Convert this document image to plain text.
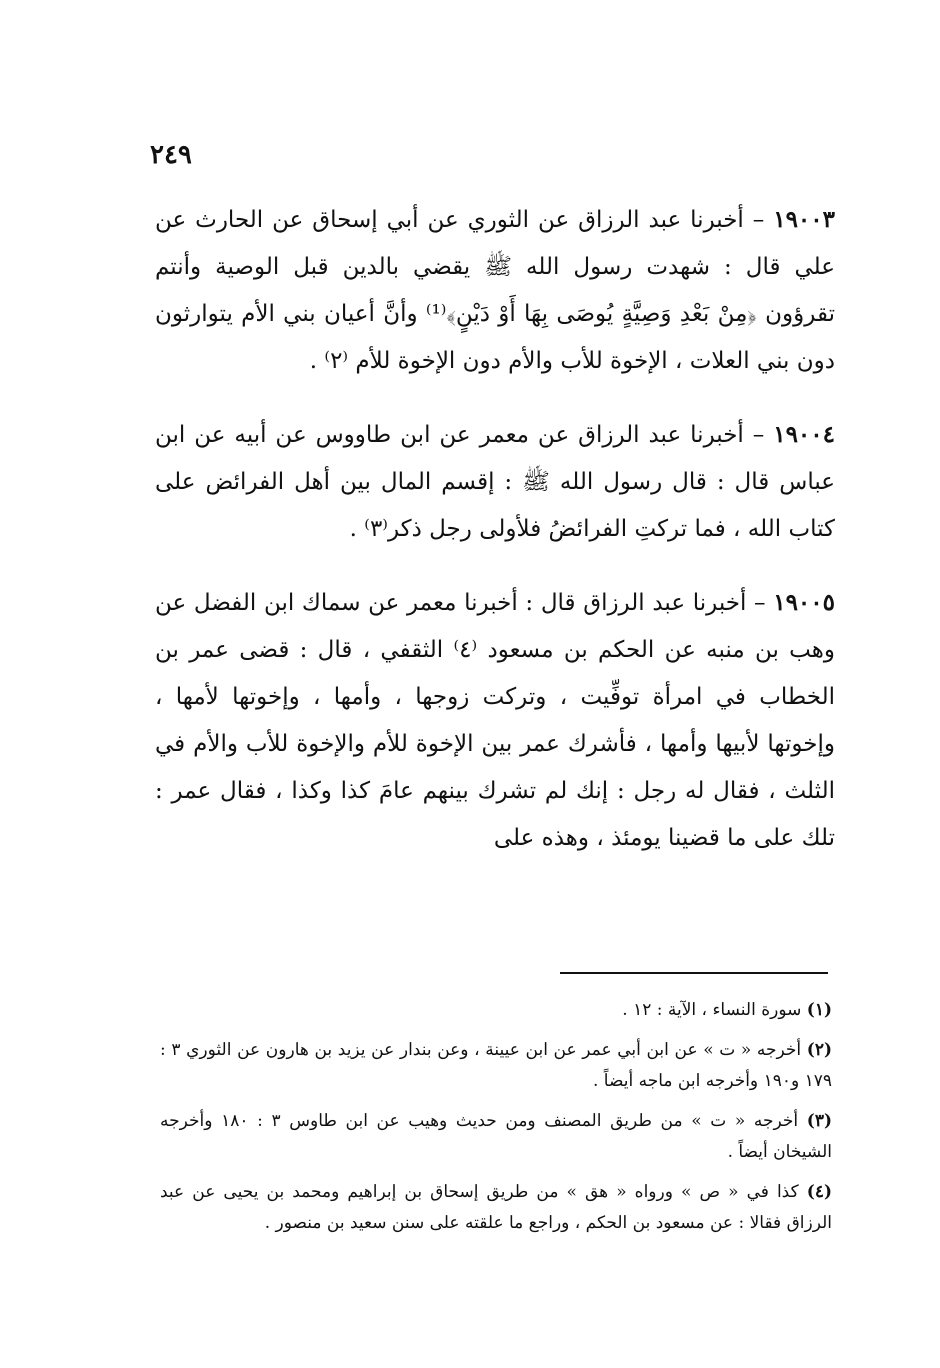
٢٤٩

١٩٠٠٣ – أخبرنا عبد الرزاق عن الثوري عن أبي إسحاق عن الحارث عن علي قال : شهدت رسول الله ﷺ يقضي بالدين قبل الوصية وأنتم تقرؤون ﴿مِنْ بَعْدِ وَصِيَّةٍ يُوصَى بِهَا أَوْ دَيْنٍ﴾⁽¹⁾ وأنَّ أعيان بني الأم يتوارثون دون بني العلات ، الإخوة للأب والأم دون الإخوة للأم ⁽٢⁾ .

١٩٠٠٤ – أخبرنا عبد الرزاق عن معمر عن ابن طاووس عن أبيه عن ابن عباس قال : قال رسول الله ﷺ : إقسم المال بين أهل الفرائض على كتاب الله ، فما تركتِ الفرائضُ فلأولى رجل ذكر⁽٣⁾ .

١٩٠٠٥ – أخبرنا عبد الرزاق قال : أخبرنا معمر عن سماك ابن الفضل عن وهب بن منبه عن الحكم بن مسعود ⁽٤⁾ الثقفي ، قال : قضى عمر بن الخطاب في امرأة توفِّيت ، وتركت زوجها ، وأمها ، وإخوتها لأمها ، وإخوتها لأبيها وأمها ، فأشرك عمر بين الإخوة للأم والإخوة للأب والأم في الثلث ، فقال له رجل : إنك لم تشرك بينهم عامَ كذا وكذا ، فقال عمر : تلك على ما قضينا يومئذ ، وهذه على

(١) سورة النساء ، الآية : ١٢ .

(٢) أخرجه « ت » عن ابن أبي عمر عن ابن عيينة ، وعن بندار عن يزيد بن هارون عن الثوري ٣ : ١٧٩ و١٩٠ وأخرجه ابن ماجه أيضاً .

(٣) أخرجه « ت » من طريق المصنف ومن حديث وهيب عن ابن طاوس ٣ : ١٨٠ وأخرجه الشيخان أيضاً .

(٤) كذا في « ص » ورواه « هق » من طريق إسحاق بن إبراهيم ومحمد بن يحيى عن عبد الرزاق فقالا : عن مسعود بن الحكم ، وراجع ما علقته على سنن سعيد بن منصور .
